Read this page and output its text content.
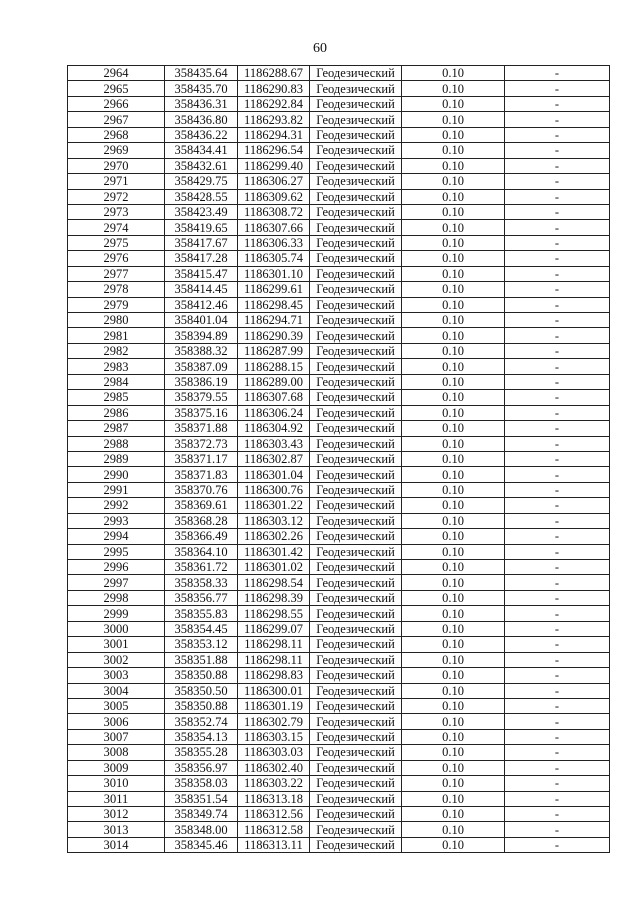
60
2964	358435.64	1186288.67	Геодезический	0.10	-
2965	358435.70	1186290.83	Геодезический	0.10	-
2966	358436.31	1186292.84	Геодезический	0.10	-
2967	358436.80	1186293.82	Геодезический	0.10	-
2968	358436.22	1186294.31	Геодезический	0.10	-
2969	358434.41	1186296.54	Геодезический	0.10	-
2970	358432.61	1186299.40	Геодезический	0.10	-
2971	358429.75	1186306.27	Геодезический	0.10	-
2972	358428.55	1186309.62	Геодезический	0.10	-
2973	358423.49	1186308.72	Геодезический	0.10	-
2974	358419.65	1186307.66	Геодезический	0.10	-
2975	358417.67	1186306.33	Геодезический	0.10	-
2976	358417.28	1186305.74	Геодезический	0.10	-
2977	358415.47	1186301.10	Геодезический	0.10	-
2978	358414.45	1186299.61	Геодезический	0.10	-
2979	358412.46	1186298.45	Геодезический	0.10	-
2980	358401.04	1186294.71	Геодезический	0.10	-
2981	358394.89	1186290.39	Геодезический	0.10	-
2982	358388.32	1186287.99	Геодезический	0.10	-
2983	358387.09	1186288.15	Геодезический	0.10	-
2984	358386.19	1186289.00	Геодезический	0.10	-
2985	358379.55	1186307.68	Геодезический	0.10	-
2986	358375.16	1186306.24	Геодезический	0.10	-
2987	358371.88	1186304.92	Геодезический	0.10	-
2988	358372.73	1186303.43	Геодезический	0.10	-
2989	358371.17	1186302.87	Геодезический	0.10	-
2990	358371.83	1186301.04	Геодезический	0.10	-
2991	358370.76	1186300.76	Геодезический	0.10	-
2992	358369.61	1186301.22	Геодезический	0.10	-
2993	358368.28	1186303.12	Геодезический	0.10	-
2994	358366.49	1186302.26	Геодезический	0.10	-
2995	358364.10	1186301.42	Геодезический	0.10	-
2996	358361.72	1186301.02	Геодезический	0.10	-
2997	358358.33	1186298.54	Геодезический	0.10	-
2998	358356.77	1186298.39	Геодезический	0.10	-
2999	358355.83	1186298.55	Геодезический	0.10	-
3000	358354.45	1186299.07	Геодезический	0.10	-
3001	358353.12	1186298.11	Геодезический	0.10	-
3002	358351.88	1186298.11	Геодезический	0.10	-
3003	358350.88	1186298.83	Геодезический	0.10	-
3004	358350.50	1186300.01	Геодезический	0.10	-
3005	358350.88	1186301.19	Геодезический	0.10	-
3006	358352.74	1186302.79	Геодезический	0.10	-
3007	358354.13	1186303.15	Геодезический	0.10	-
3008	358355.28	1186303.03	Геодезический	0.10	-
3009	358356.97	1186302.40	Геодезический	0.10	-
3010	358358.03	1186303.22	Геодезический	0.10	-
3011	358351.54	1186313.18	Геодезический	0.10	-
3012	358349.74	1186312.56	Геодезический	0.10	-
3013	358348.00	1186312.58	Геодезический	0.10	-
3014	358345.46	1186313.11	Геодезический	0.10	-
